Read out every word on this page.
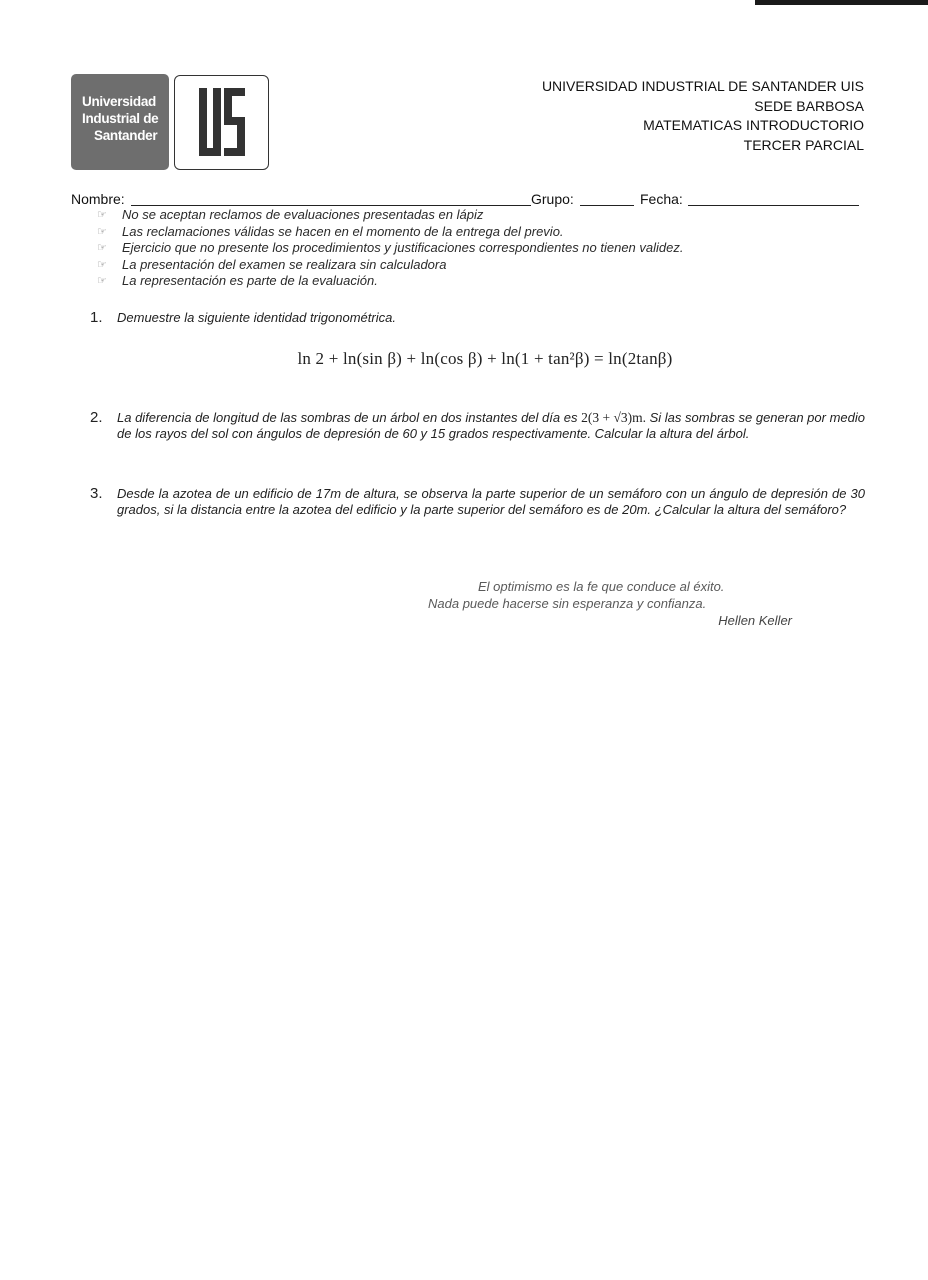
Universidad
Industrial de
Santander
UNIVERSIDAD INDUSTRIAL DE SANTANDER UIS
SEDE BARBOSA
MATEMATICAS INTRODUCTORIO
TERCER PARCIAL
Nombre:	Grupo:	Fecha:
☞	No se aceptan reclamos de evaluaciones presentadas en lápiz
☞	Las reclamaciones válidas se hacen en el momento de la entrega del previo.
☞	Ejercicio que no presente los procedimientos y justificaciones correspondientes no tienen validez.
☞	La presentación del examen se realizara sin calculadora
☞	La representación es parte de la evaluación.
1. Demuestre la siguiente identidad trigonométrica.
ln 2 + ln(sin β) + ln(cos β) + ln(1 + tan²β) = ln(2tanβ)
2. La diferencia de longitud de las sombras de un árbol en dos instantes del día es 2(3 + √3)m. Si las sombras se generan por medio de los rayos del sol con ángulos de depresión de 60 y 15 grados respectivamente. Calcular la altura del árbol.
3. Desde la azotea de un edificio de 17m de altura, se observa la parte superior de un semáforo con un ángulo de depresión de 30 grados, si la distancia entre la azotea del edificio y la parte superior del semáforo es de 20m. ¿Calcular la altura del semáforo?
El optimismo es la fe que conduce al éxito.
Nada puede hacerse sin esperanza y confianza.
Hellen Keller
